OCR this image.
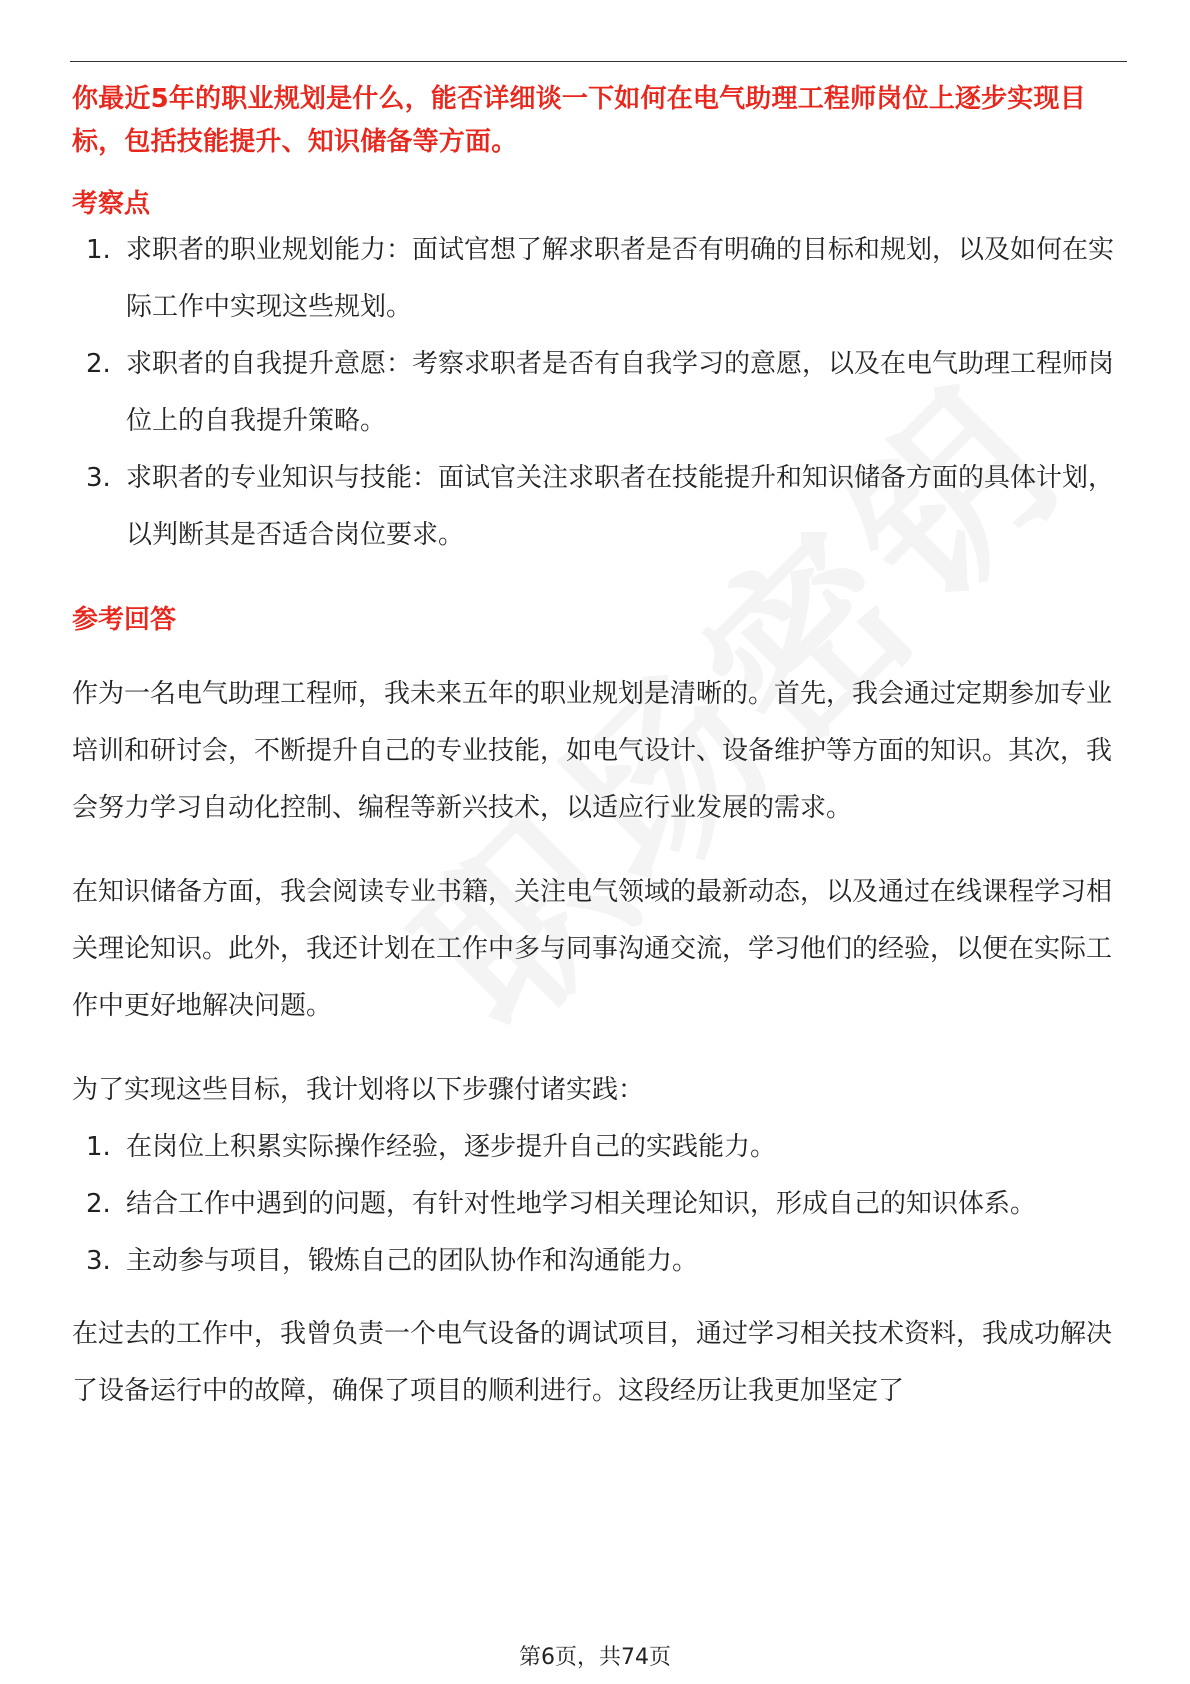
你最近5年的职业规划是什么，能否详细谈一下如何在电气助理工程师岗位上逐步实现目标，包括技能提升、知识储备等方面。

考察点
1. 求职者的职业规划能力：面试官想了解求职者是否有明确的目标和规划，以及如何在实际工作中实现这些规划。
2. 求职者的自我提升意愿：考察求职者是否有自我学习的意愿，以及在电气助理工程师岗位上的自我提升策略。
3. 求职者的专业知识与技能：面试官关注求职者在技能提升和知识储备方面的具体计划，以判断其是否适合岗位要求。
参考回答

作为一名电气助理工程师，我未来五年的职业规划是清晰的。首先，我会通过定期参加专业培训和研讨会，不断提升自己的专业技能，如电气设计、设备维护等方面的知识。其次，我会努力学习自动化控制、编程等新兴技术，以适应行业发展的需求。

在知识储备方面，我会阅读专业书籍，关注电气领域的最新动态，以及通过在线课程学习相关理论知识。此外，我还计划在工作中多与同事沟通交流，学习他们的经验，以便在实际工作中更好地解决问题。

为了实现这些目标，我计划将以下步骤付诸实践：

1. 在岗位上积累实际操作经验，逐步提升自己的实践能力。
2. 结合工作中遇到的问题，有针对性地学习相关理论知识，形成自己的知识体系。
3. 主动参与项目，锻炼自己的团队协作和沟通能力。

在过去的工作中，我曾负责一个电气设备的调试项目，通过学习相关技术资料，我成功解决了设备运行中的故障，确保了项目的顺利进行。这段经历让我更加坚定了

第6页，共74页
